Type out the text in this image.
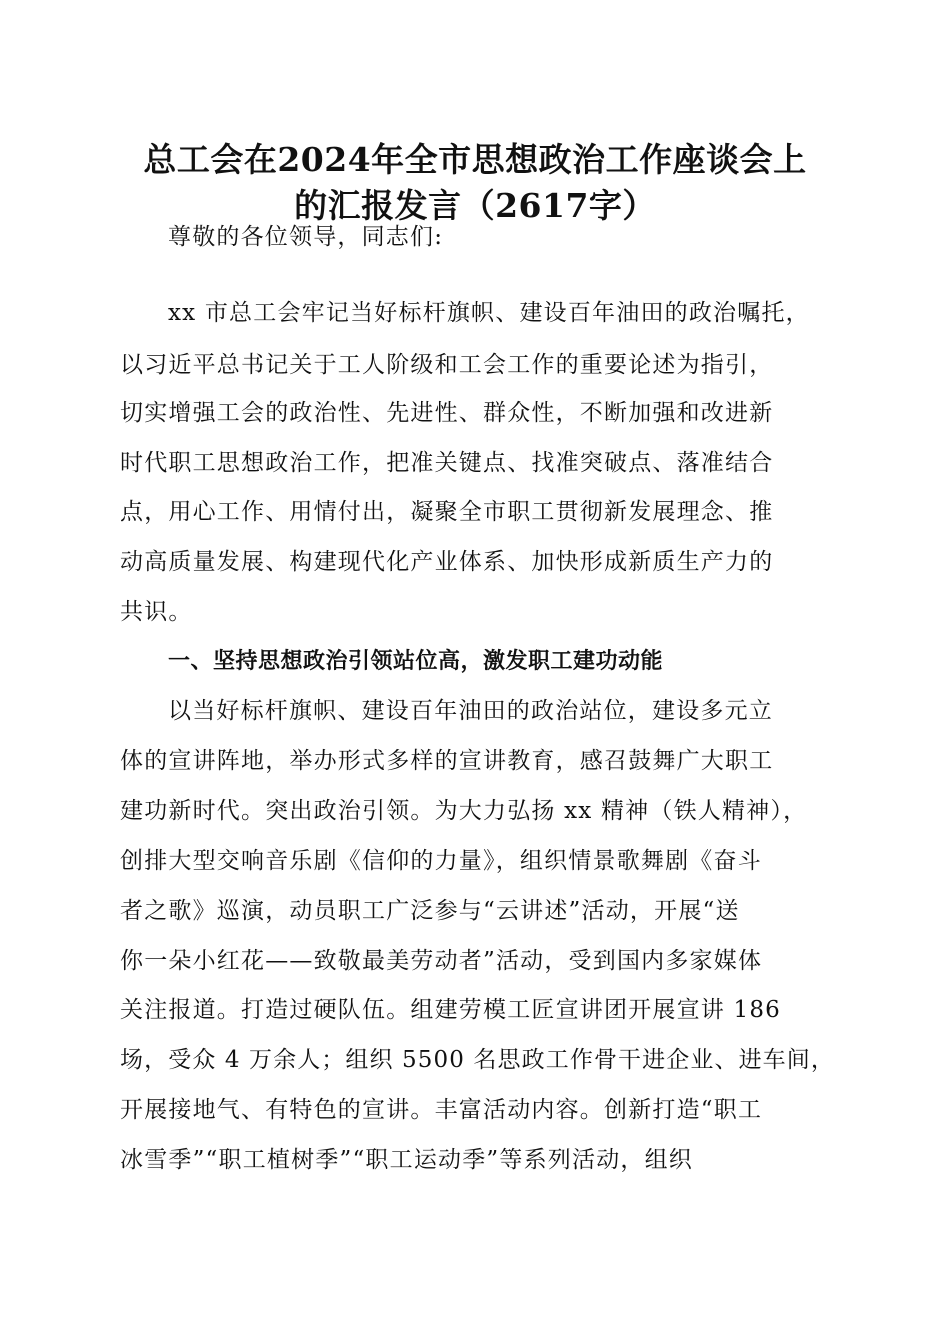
总工会在2024年全市思想政治工作座谈会上
的汇报发言（2617字）
尊敬的各位领导，同志们:
xx 市总工会牢记当好标杆旗帜、建设百年油田的政治嘱托，
以习近平总书记关于工人阶级和工会工作的重要论述为指引，
切实增强工会的政治性、先进性、群众性，不断加强和改进新
时代职工思想政治工作，把准关键点、找准突破点、落准结合
点，用心工作、用情付出，凝聚全市职工贯彻新发展理念、推
动高质量发展、构建现代化产业体系、加快形成新质生产力的
共识。
一、坚持思想政治引领站位高，激发职工建功动能
以当好标杆旗帜、建设百年油田的政治站位，建设多元立
体的宣讲阵地，举办形式多样的宣讲教育，感召鼓舞广大职工
建功新时代。突出政治引领。为大力弘扬 xx 精神（铁人精神），
创排大型交响音乐剧《信仰的力量》，组织情景歌舞剧《奋斗
者之歌》巡演，动员职工广泛参与“云讲述”活动，开展“送
你一朵小红花——致敬最美劳动者”活动，受到国内多家媒体
关注报道。打造过硬队伍。组建劳模工匠宣讲团开展宣讲 186
场，受众 4 万余人；组织 5500 名思政工作骨干进企业、进车间，
开展接地气、有特色的宣讲。丰富活动内容。创新打造“职工
冰雪季”“职工植树季”“职工运动季”等系列活动，组织
